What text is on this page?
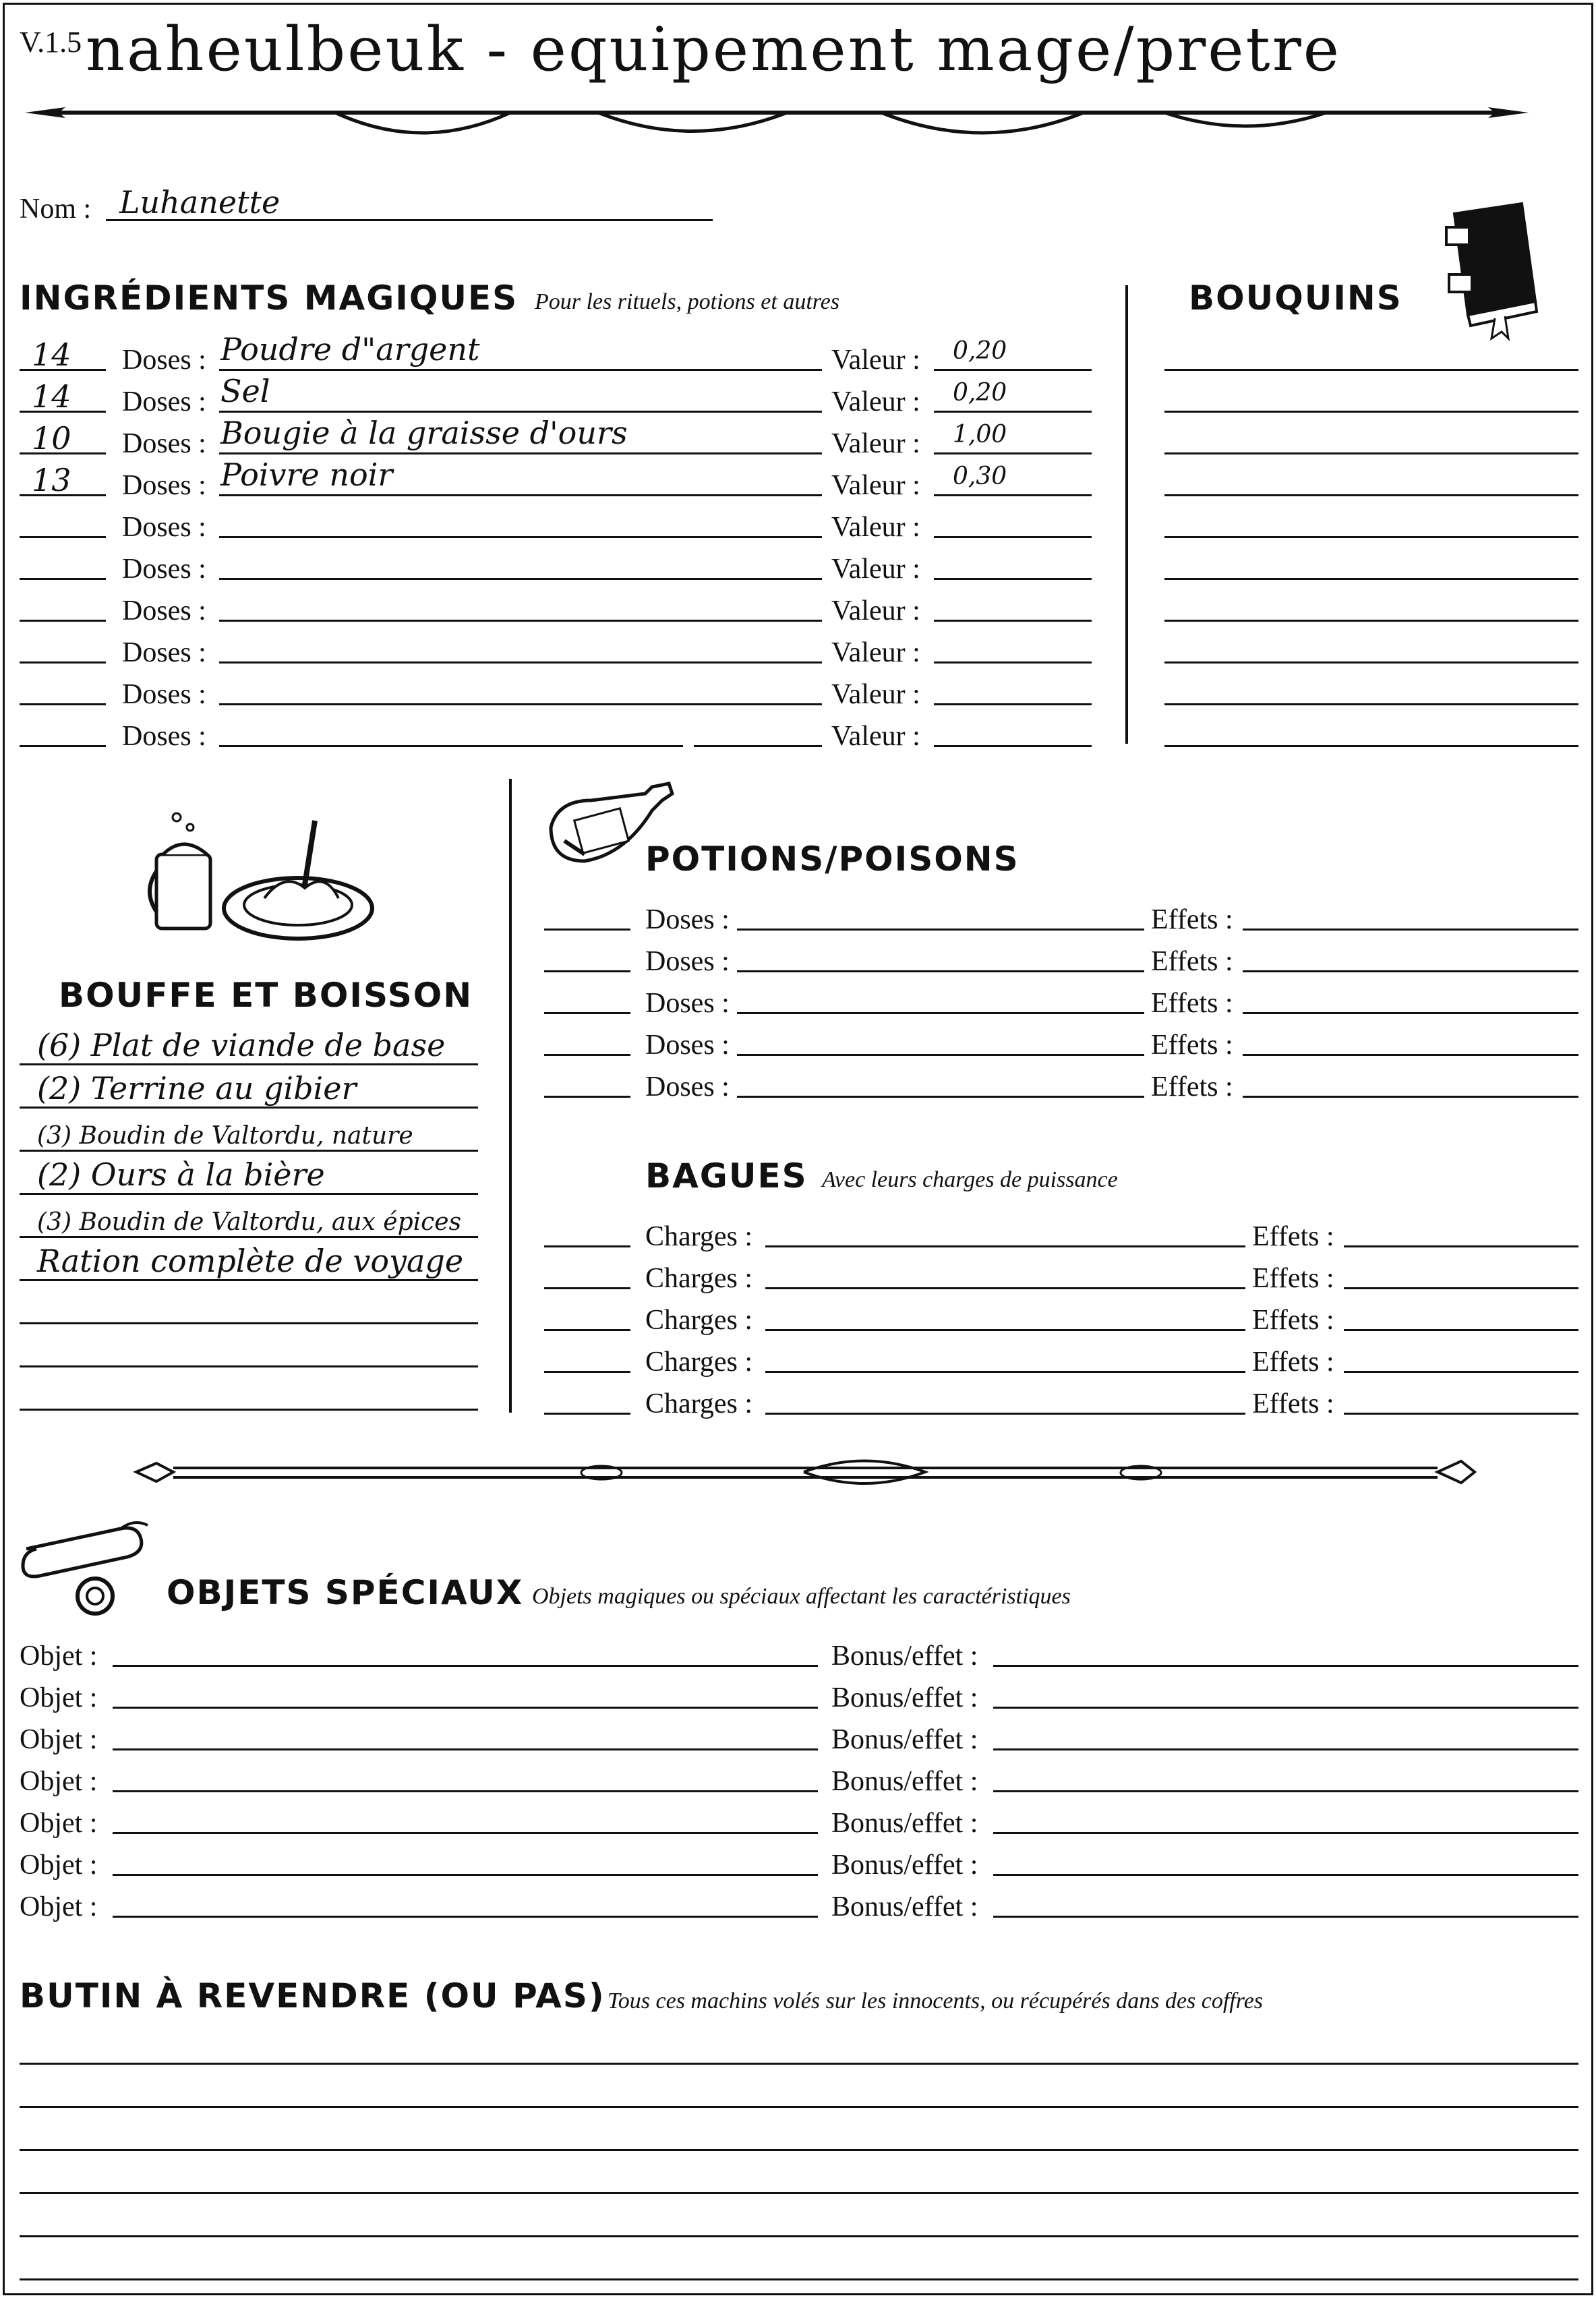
V.1.5 naheulbeuk - equipement mage/pretre
Nom : Luhanette
INGRÉDIENTS MAGIQUES Pour les rituels, potions et autres
14 Doses : Poudre d"argent	Valeur : 0,20
14 Doses : Sel	Valeur : 0,20
10 Doses : Bougie à la graisse d'ours	Valeur : 1,00
13 Doses : Poivre noir	Valeur : 0,30
Doses :	Valeur :
Doses :	Valeur :
Doses :	Valeur :
Doses :	Valeur :
Doses :	Valeur :
Doses :	Valeur :
BOUQUINS
BOUFFE ET BOISSON
(6) Plat de viande de base
(2) Terrine au gibier
(3) Boudin de Valtordu, nature
(2) Ours à la bière
(3) Boudin de Valtordu, aux épices
Ration complète de voyage
POTIONS/POISONS
Doses :	Effets :
Doses :	Effets :
Doses :	Effets :
Doses :	Effets :
Doses :	Effets :
BAGUES Avec leurs charges de puissance
Charges :	Effets :
Charges :	Effets :
Charges :	Effets :
Charges :	Effets :
Charges :	Effets :
OBJETS SPÉCIAUX Objets magiques ou spéciaux affectant les caractéristiques
Objet :	Bonus/effet :
Objet :	Bonus/effet :
Objet :	Bonus/effet :
Objet :	Bonus/effet :
Objet :	Bonus/effet :
Objet :	Bonus/effet :
Objet :	Bonus/effet :
BUTIN À REVENDRE (OU PAS) Tous ces machins volés sur les innocents, ou récupérés dans des coffres
